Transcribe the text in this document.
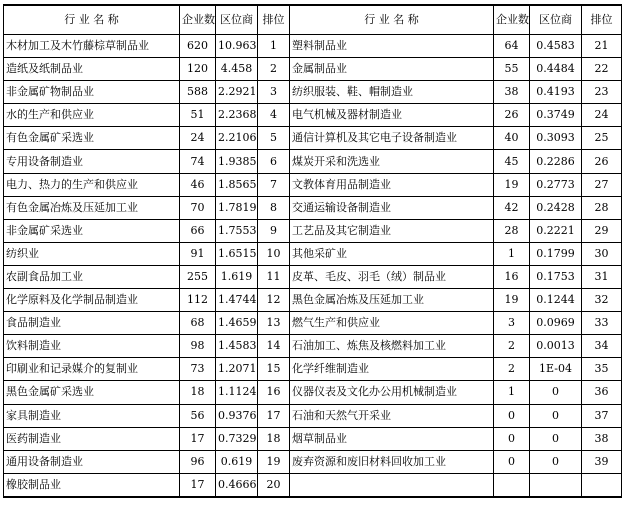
行 业 名 称	企业数	区位商	排位	行 业 名 称	企业数	区位商	排位
木材加工及木竹藤棕草制品业	620	10.963	1	塑料制品业	64	0.4583	21
造纸及纸制品业	120	4.458	2	金属制品业	55	0.4484	22
非金属矿物制品业	588	2.2921	3	纺织服装、鞋、帽制造业	38	0.4193	23
水的生产和供应业	51	2.2368	4	电气机械及器材制造业	26	0.3749	24
有色金属矿采选业	24	2.2106	5	通信计算机及其它电子设备制造业	40	0.3093	25
专用设备制造业	74	1.9385	6	煤炭开采和洗选业	45	0.2286	26
电力、热力的生产和供应业	46	1.8565	7	文教体育用品制造业	19	0.2773	27
有色金属冶炼及压延加工业	70	1.7819	8	交通运输设备制造业	42	0.2428	28
非金属矿采选业	66	1.7553	9	工艺品及其它制造业	28	0.2221	29
纺织业	91	1.6515	10	其他采矿业	1	0.1799	30
农副食品加工业	255	1.619	11	皮革、毛皮、羽毛（绒）制品业	16	0.1753	31
化学原料及化学制品制造业	112	1.4744	12	黑色金属冶炼及压延加工业	19	0.1244	32
食品制造业	68	1.4659	13	燃气生产和供应业	3	0.0969	33
饮料制造业	98	1.4583	14	石油加工、炼焦及核燃料加工业	2	0.0013	34
印刷业和记录媒介的复制业	73	1.2071	15	化学纤维制造业	2	1E-04	35
黑色金属矿采选业	18	1.1124	16	仪器仪表及文化办公用机械制造业	1	0	36
家具制造业	56	0.9376	17	石油和天然气开采业	0	0	37
医药制造业	17	0.7329	18	烟草制品业	0	0	38
通用设备制造业	96	0.619	19	废弃资源和废旧材料回收加工业	0	0	39
橡胶制品业	17	0.4666	20				
